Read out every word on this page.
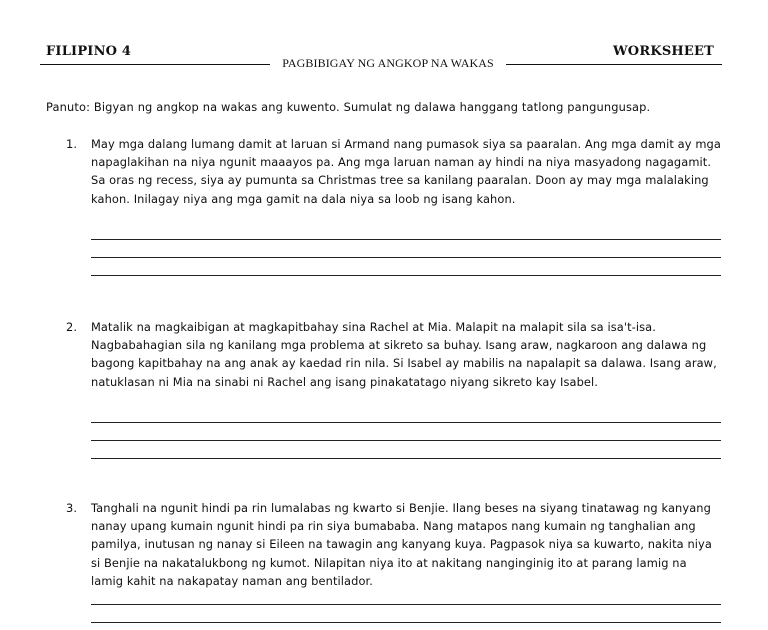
FILIPINO 4	WORKSHEET
PAGBIBIGAY NG ANGKOP NA WAKAS
Panuto: Bigyan ng angkop na wakas ang kuwento. Sumulat ng dalawa hanggang tatlong pangungusap.
1.	May mga dalang lumang damit at laruan si Armand nang pumasok siya sa paaralan. Ang mga damit ay mga napaglakihan na niya ngunit maaayos pa. Ang mga laruan naman ay hindi na niya masyadong nagagamit. Sa oras ng recess, siya ay pumunta sa Christmas tree sa kanilang paaralan. Doon ay may mga malalaking kahon. Inilagay niya ang mga gamit na dala niya sa loob ng isang kahon.
2.	Matalik na magkaibigan at magkapitbahay sina Rachel at Mia. Malapit na malapit sila sa isa't-isa. Nagbabahagian sila ng kanilang mga problema at sikreto sa buhay. Isang araw, nagkaroon ang dalawa ng bagong kapitbahay na ang anak ay kaedad rin nila. Si Isabel ay mabilis na napalapit sa dalawa. Isang araw, natuklasan ni Mia na sinabi ni Rachel ang isang pinakatatago niyang sikreto kay Isabel.
3.	Tanghali na ngunit hindi pa rin lumalabas ng kwarto si Benjie. Ilang beses na siyang tinatawag ng kanyang nanay upang kumain ngunit hindi pa rin siya bumababa. Nang matapos nang kumain ng tanghalian ang pamilya, inutusan ng nanay si Eileen na tawagin ang kanyang kuya. Pagpasok niya sa kuwarto, nakita niya si Benjie na nakatalukbong ng kumot. Nilapitan niya ito at nakitang nanginginig ito at parang lamig na lamig kahit na nakapatay naman ang bentilador.
